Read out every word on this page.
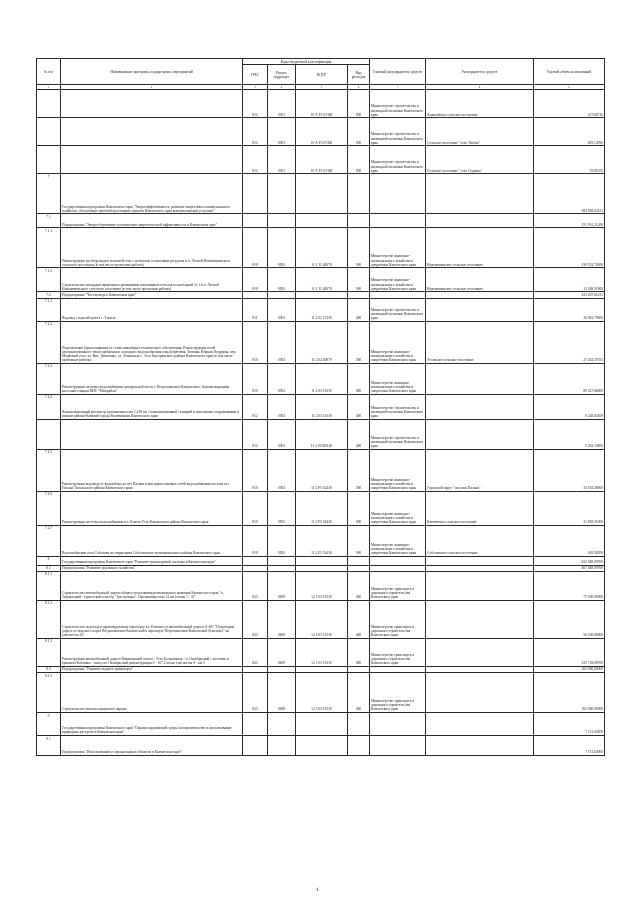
№ п/п	Наименование программ, подпрограмм, мероприятий	Коды бюджетной классификации				Главный распорядитель средств	Распорядитель средств	Годовой объем ассигнований
		ГРБС	Раздел, подраздел	КЦСР	Вид расходов			
1	2	3	4	5	6	7	8	9
		812	0501	10 А F3 67484	500	Министерство строительства и жилищной политики Камчатского края	Анавгайское сельское поселение	417,60710
		812	0501	10 А F3 67484	500	Министерство строительства и жилищной политики Камчатского края	Сельское поселение "село Тигиль"	493,12096
		812	0501	10 А F3 67484	500	Министерство строительства и жилищной политики Камчатского края	Сельское поселение "село Седанка"	55,01655
7	Государственная программа Камчатского края "Энергоэффективность, развитие энергетики и коммунального хозяйства, обеспечение жителей населенных пунктов Камчатского края коммунальными услугами"							384 858,02431
7.1	Подпрограмма "Энергосбережение и повышение энергетической эффективности в Камчатском крае"							151 591,21200
7.1.1	Реконструкция трубопроводов тепловой сети с истекшим остаточным ресурсом в п. Лесной Новоавачинского сельского поселения (в том числе проектные работы)	810	0502	11 1 11 40070	500	Министерство жилищно-коммунального хозяйства и энергетики Камчатского края	Новоавачинское сельское поселение	139 552,70300
7.1.2	Строительство площадки временного размещения изношенных отходов на котельной № 1 в п. Лесной Новоавачинского сельского поселения (в том числе проектные работы)	810	0502	11 1 11 40070	500	Министерство жилищно-коммунального хозяйства и энергетики Камчатского края	Новоавачинское сельское поселение	12 038,51800
7.2	Подпрограмма "Чистая вода в Камчатском крае"							233 267,81231
7.2.1	Водовод с водозабором в с. Тигиль	811	0502	11 2 02 10130	400	Министерство строительства и жилищной политики Камчатского края		30 852,70000
7.2.2	Подключение (присоединение) к сетям инженерно-технического обеспечения. Реконструкция сетей централизованного теплоснабжения и холодного водоснабжения улиц Береговая, Зеленая, Южная, Кедровая, пер. Медвежий угол, ул. Вит. Девятенко, ул. Ленинская с. Эссо Быстринского района Камчатского края (в том числе проектные работы)	810	0502	11 2 02 40070	500	Министерство жилищно-коммунального хозяйства и энергетики Камчатского края	Эссовское сельское поселение	27 262,37031
7.2.3	Реконструкция системы водоснабжения центральной части г. Петропавловск-Камчатского. Канализационная насосная станция КНС "Межрайон"	810	0502	11 2 03 10130	400	Министерство жилищно-коммунального хозяйства и энергетики Камчатского края		89 327,66000
7.2.4	Канализационный коллектор протяженностью 1,238 км с канализационной станцией и очистными сооружениями в южном районе Рыбачий города Вилючинска Камчатского края	812	0502	11 2 03 10130	400	Министерство строительства и жилищной политики Камчатского края		6 228,84309
		812	0502	11 2 00 R0120	400	Министерство строительства и жилищной политики Камчатского края		5 263,15800
7.2.5	Реконструкция водовода от водозабора до пгт Палана и внутрипоселковых сетей водоснабжения поселка пгт Палана Тигильского района Камчатского края	810	0502	11 2 F5 52430	500	Министерство жилищно-коммунального хозяйства и энергетики Камчатского края	Городской округ "поселок Палана"	33 554,30000
7.2.6	Реконструкция системы водоснабжения в п. Ключи Усть-Камчатского района Камчатского края	810	0502	11 2 F5 52430	500	Министерство жилищно-коммунального хозяйства и энергетики Камчатского края	Ключевское сельское поселение	31 858,51000
7.2.7	Водоснабжение села Соболево на территории Соболевского муниципального района Камчатского края	810	0502	11 2 F5 52430	500	Министерство жилищно-коммунального хозяйства и энергетики Камчатского края	Соболевское сельское поселение	465,98200
8	Государственная программа Камчатского края "Развитие транспортной системы в Камчатском крае"							632 048,00700
8.1	Подпрограмма "Развитие дорожного хозяйства"							467 048,00700
8.1.1	Строительство автомобильной дороги общего пользования регионального значения Камчатского края "п. Термальный - туристский кластер "Три вулкана". Протяженностью 12 км (этапы 1 - 3)"	823	0409	12 1 03 10130	400	Министерство транспорта и дорожного строительства Камчатского края		75 590,00000
8.1.2	Строительство подъезда к проектируемому аэропорту в г. Елизово от автомобильной дороги А-401 "Подъездная дорога от морского порта Петропавловск-Камчатский к аэропорту Петропавловск-Камчатский (Елизово)" на участке км 24"	823	0409	12 1 03 10130	400	Министерство транспорта и дорожного строительства Камчатского края		56 330,00000
8.1.3	Реконструкция автомобильной дороги Начикинский совхоз - Усть-Большерецк - п. Октябрьский с мостами и ершиком Козловка - заход пп. Октябрьский реконструкция 0 - 107,2 км на участке км 0 - км 5	823	0409	12 1 03 10130	400	Министерство транспорта и дорожного строительства Камчатского края		335 718,00700
8.3	Подпрограмма "Развитие водного транспорта"							165 000,00000
8.3.1	Строительство автопассажирского парома	823	0408	12 3 03 10130	400	Министерство транспорта и дорожного строительства Камчатского края		165 000,00000
9	Государственная программа Камчатского края "Охрана окружающей среды, воспроизводство и использование природных ресурсов в Камчатском крае"							7 151,02000
9.1	Подпрограмма "Использование и охрана водных объектов в Камчатском крае"							7 151,02000
4
